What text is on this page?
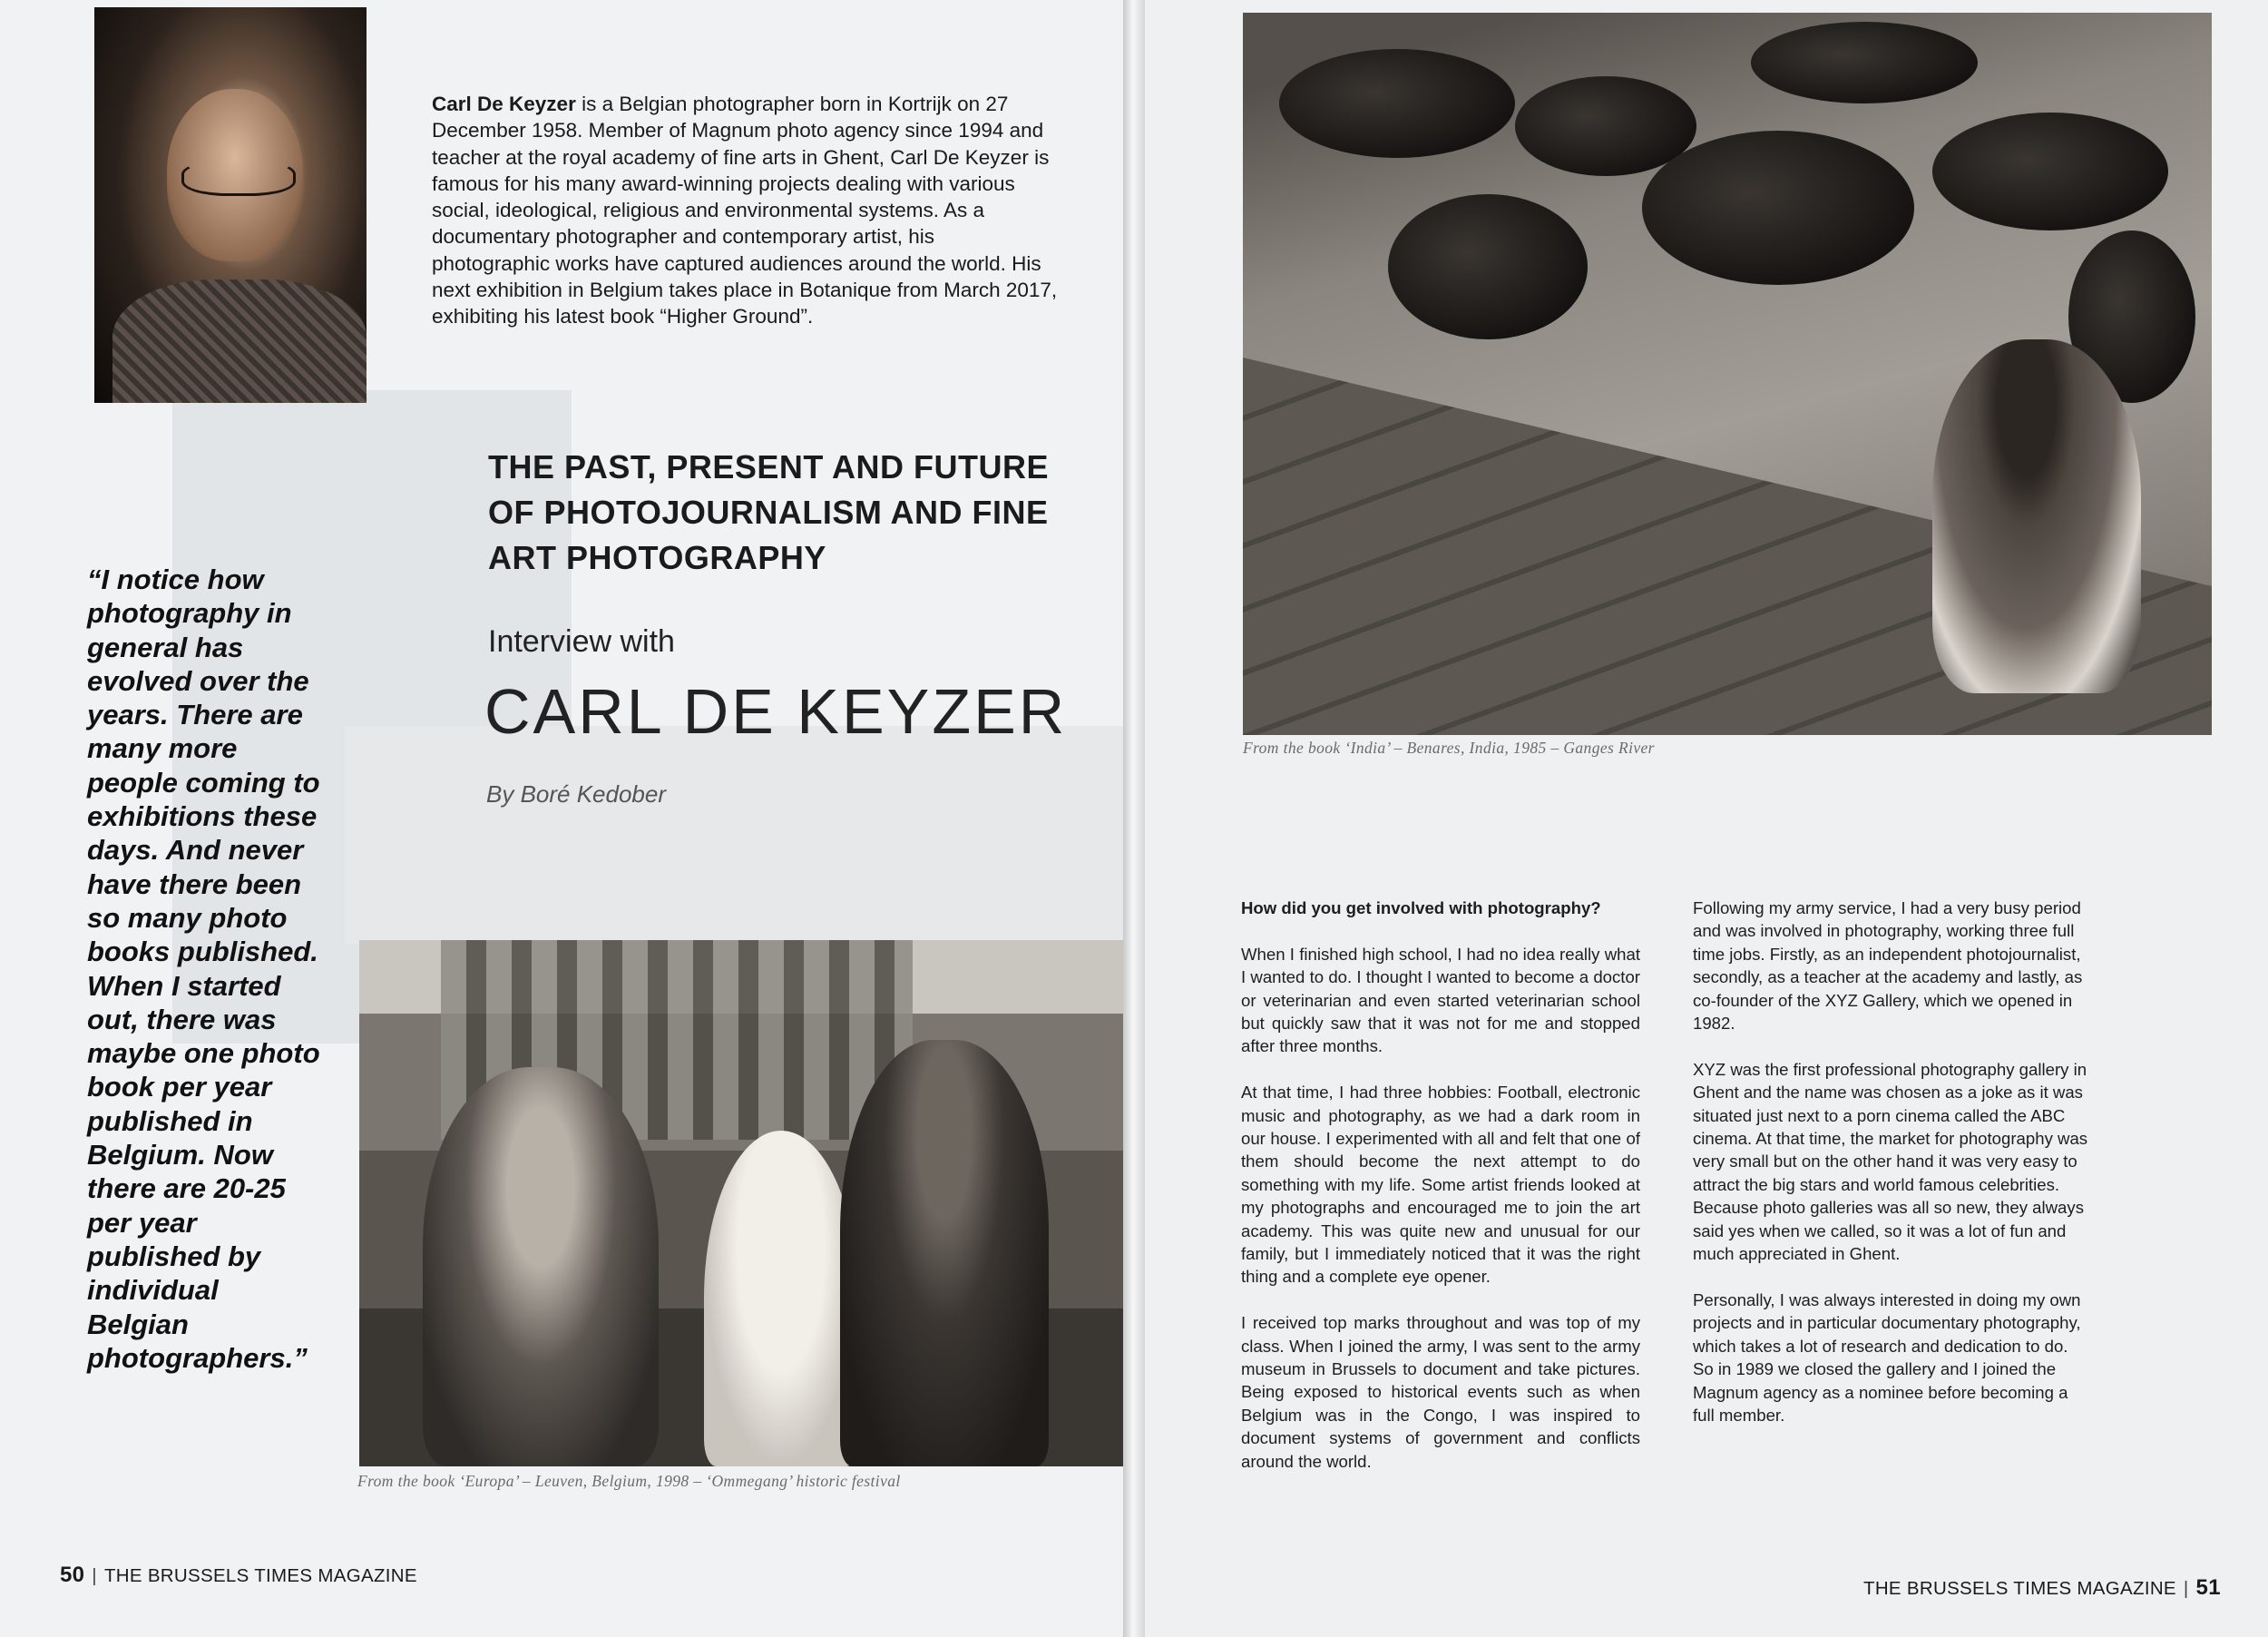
Carl De Keyzer is a Belgian photographer born in Kortrijk on 27 December 1958. Member of Magnum photo agency since 1994 and teacher at the royal academy of fine arts in Ghent, Carl De Keyzer is famous for his many award-winning projects dealing with various social, ideological, religious and environmental systems. As a documentary photographer and contemporary artist, his photographic works have captured audiences around the world. His next exhibition in Belgium takes place in Botanique from March 2017, exhibiting his latest book “Higher Ground”.
THE PAST, PRESENT AND FUTURE OF PHOTOJOURNALISM AND FINE ART PHOTOGRAPHY
Interview with
CARL DE KEYZER
By Boré Kedober
“I notice how photography in general has evolved over the years. There are many more people coming to exhibitions these days. And never have there been so many photo books published. When I started out, there was maybe one photo book per year published in Belgium. Now there are 20-25 per year published by individual Belgian photographers.”
From the book ‘Europa’ – Leuven, Belgium, 1998 – ‘Ommegang’ historic festival
50 | THE BRUSSELS TIMES MAGAZINE
From the book ‘India’ – Benares, India, 1985 – Ganges River

How did you get involved with photography?

When I finished high school, I had no idea really what I wanted to do. I thought I wanted to become a doctor or veterinarian and even started veterinarian school but quickly saw that it was not for me and stopped after three months.

At that time, I had three hobbies: Football, electronic music and photography, as we had a dark room in our house. I experimented with all and felt that one of them should become the next attempt to do something with my life. Some artist friends looked at my photographs and encouraged me to join the art academy. This was quite new and unusual for our family, but I immediately noticed that it was the right thing and a complete eye opener.

I received top marks throughout and was top of my class. When I joined the army, I was sent to the army museum in Brussels to document and take pictures. Being exposed to historical events such as when Belgium was in the Congo, I was inspired to document systems of government and conflicts around the world.

Following my army service, I had a very busy period and was involved in photography, working three full time jobs. Firstly, as an independent photojournalist, secondly, as a teacher at the academy and lastly, as co-founder of the XYZ Gallery, which we opened in 1982.

XYZ was the first professional photography gallery in Ghent and the name was chosen as a joke as it was situated just next to a porn cinema called the ABC cinema. At that time, the market for photography was very small but on the other hand it was very easy to attract the big stars and world famous celebrities. Because photo galleries was all so new, they always said yes when we called, so it was a lot of fun and much appreciated in Ghent.

Personally, I was always interested in doing my own projects and in particular documentary photography, which takes a lot of research and dedication to do. So in 1989 we closed the gallery and I joined the Magnum agency as a nominee before becoming a full member.

THE BRUSSELS TIMES MAGAZINE | 51
